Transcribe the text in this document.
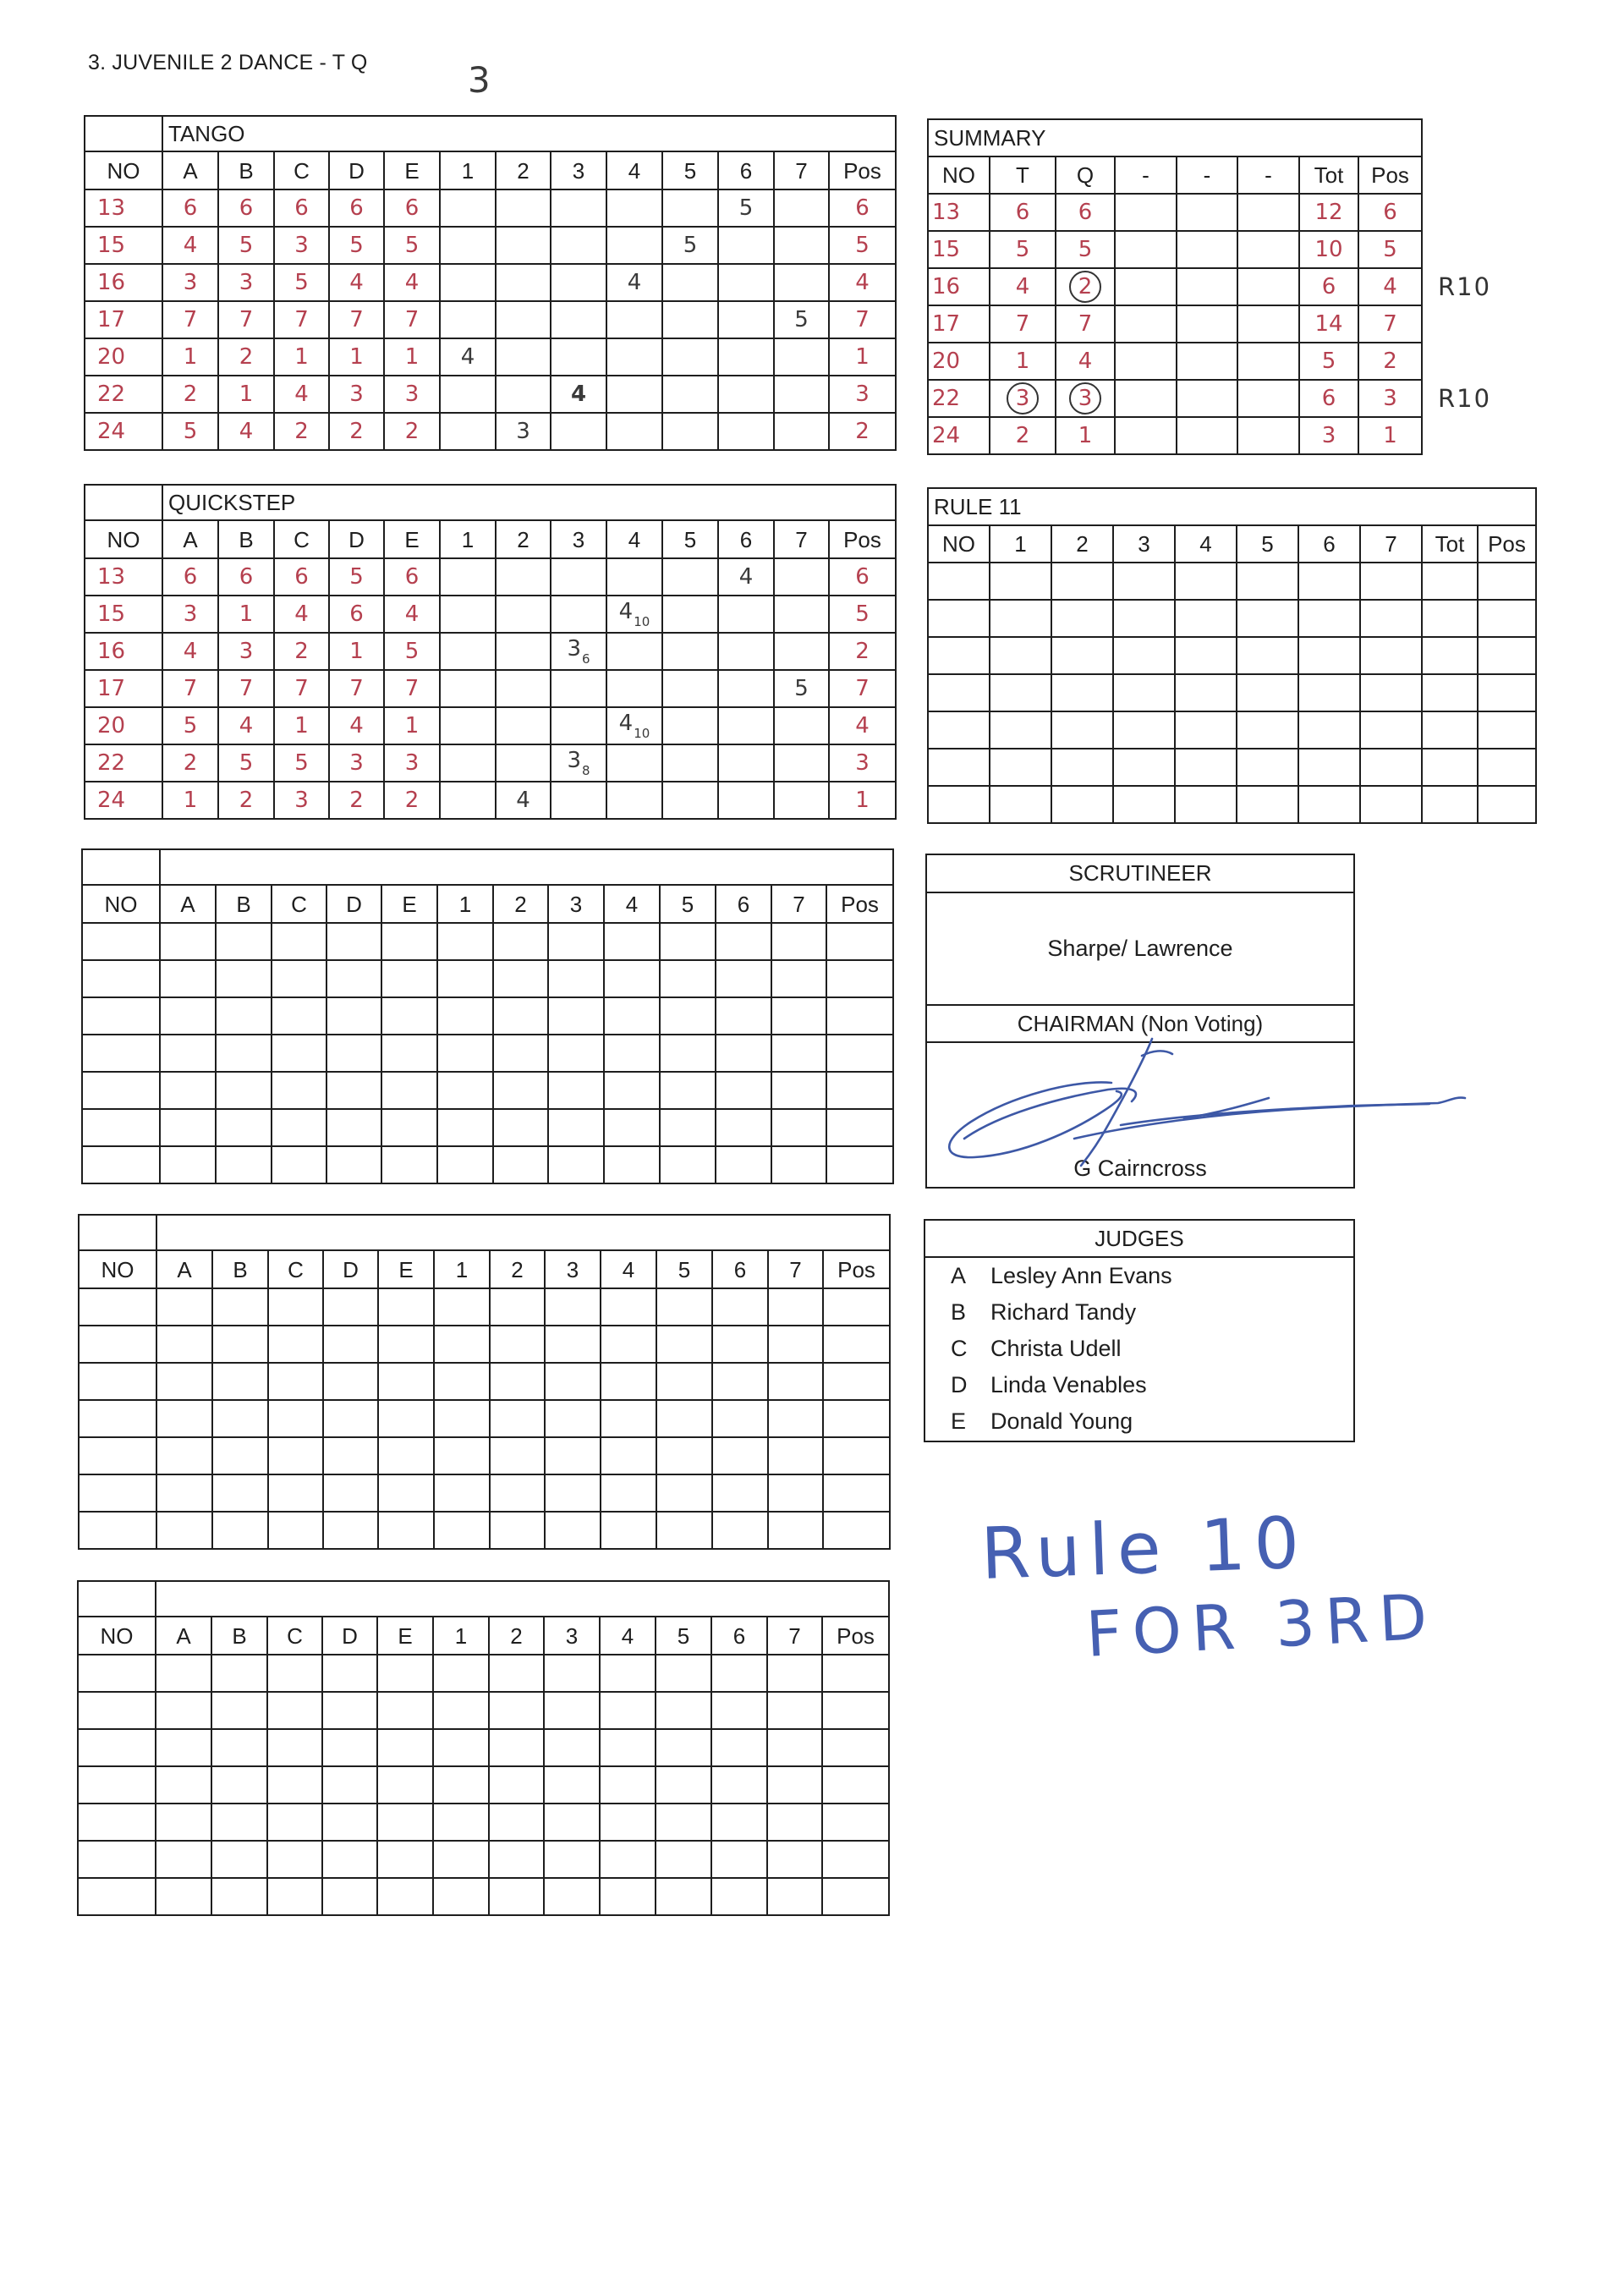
3. JUVENILE 2 DANCE - T Q	3
	TANGO												
NO	A	B	C	D	E	1	2	3	4	5	6	7	Pos
13	6	6	6	6	6						5		6
15	4	5	3	5	5					5			5
16	3	3	5	4	4				4				4
17	7	7	7	7	7							5	7
20	1	2	1	1	1	4							1
22	2	1	4	3	3			4					3
24	5	4	2	2	2		3						2
	QUICKSTEP												
NO	A	B	C	D	E	1	2	3	4	5	6	7	Pos
13	6	6	6	5	6						4		6
15	3	1	4	6	4				$4_{10}$				5
16	4	3	2	1	5			$3_6$					2
17	7	7	7	7	7							5	7
20	5	4	1	4	1				$4_{10}$				4
22	2	5	5	3	3			$3_8$					3
24	1	2	3	2	2		4						1

NO	A	B	C	D	E	1	2	3	4	5	6	7	Pos

NO	A	B	C	D	E	1	2	3	4	5	6	7	Pos

NO	A	B	C	D	E	1	2	3	4	5	6	7	Pos

SUMMARY							
NO	T	Q	-	-	-	Tot	Pos
13	6	6				12	6
15	5	5				10	5
16	4	2				6	4
17	7	7				14	7
20	1	4				5	2
22	3	3				6	3
24	2	1				3	1
RULE 11									
NO	1	2	3	4	5	6	7	Tot	Pos

SCRUTINEER
Sharpe/ Lawrence
CHAIRMAN (Non Voting)
G Cairncross
JUDGES
A	Lesley Ann Evans
B	Richard Tandy
C	Christa Udell
D	Linda Venables
E	Donald Young
Rule 10
FOR 3RD
R10
R10
